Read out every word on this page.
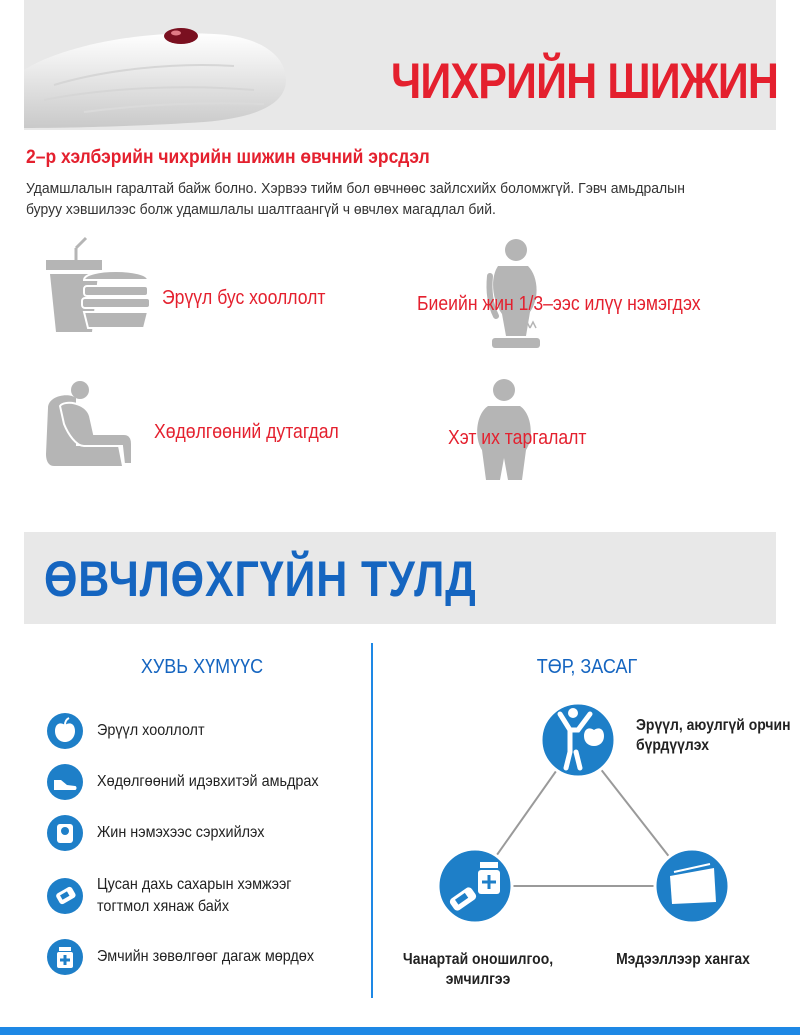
ЧИХРИЙН ШИЖИН
2–р хэлбэрийн чихрийн шижин өвчний эрсдэл
Удамшлалын гаралтай байж болно. Хэрвээ тийм бол өвчнөөс зайлсхийх боломжгүй. Гэвч амьдралын
буруу хэвшилээс болж удамшлалы шалтгаангүй ч өвчлөх магадлал бий.
Эрүүл бус хооллолт	Биеийн жин 1/3–ээс илүү нэмэгдэх
Хөдөлгөөний дутагдал	Хэт их таргалалт
ӨВЧЛӨХГҮЙН ТУЛД
ХУВЬ ХҮМҮҮС	ТӨР, ЗАСАГ
Эрүүл хооллолт
Хөдөлгөөний идэвхитэй амьдрах
Жин нэмэхээс сэрхийлэх
Цусан дахь сахарын хэмжээг
тогтмол хянаж байх
Эмчийн зөвөлгөөг дагаж мөрдөх
Эрүүл, аюулгүй орчин
бүрдүүлэх
Чанартай оношилгоо,
эмчилгээ
Мэдээллээр хангах
